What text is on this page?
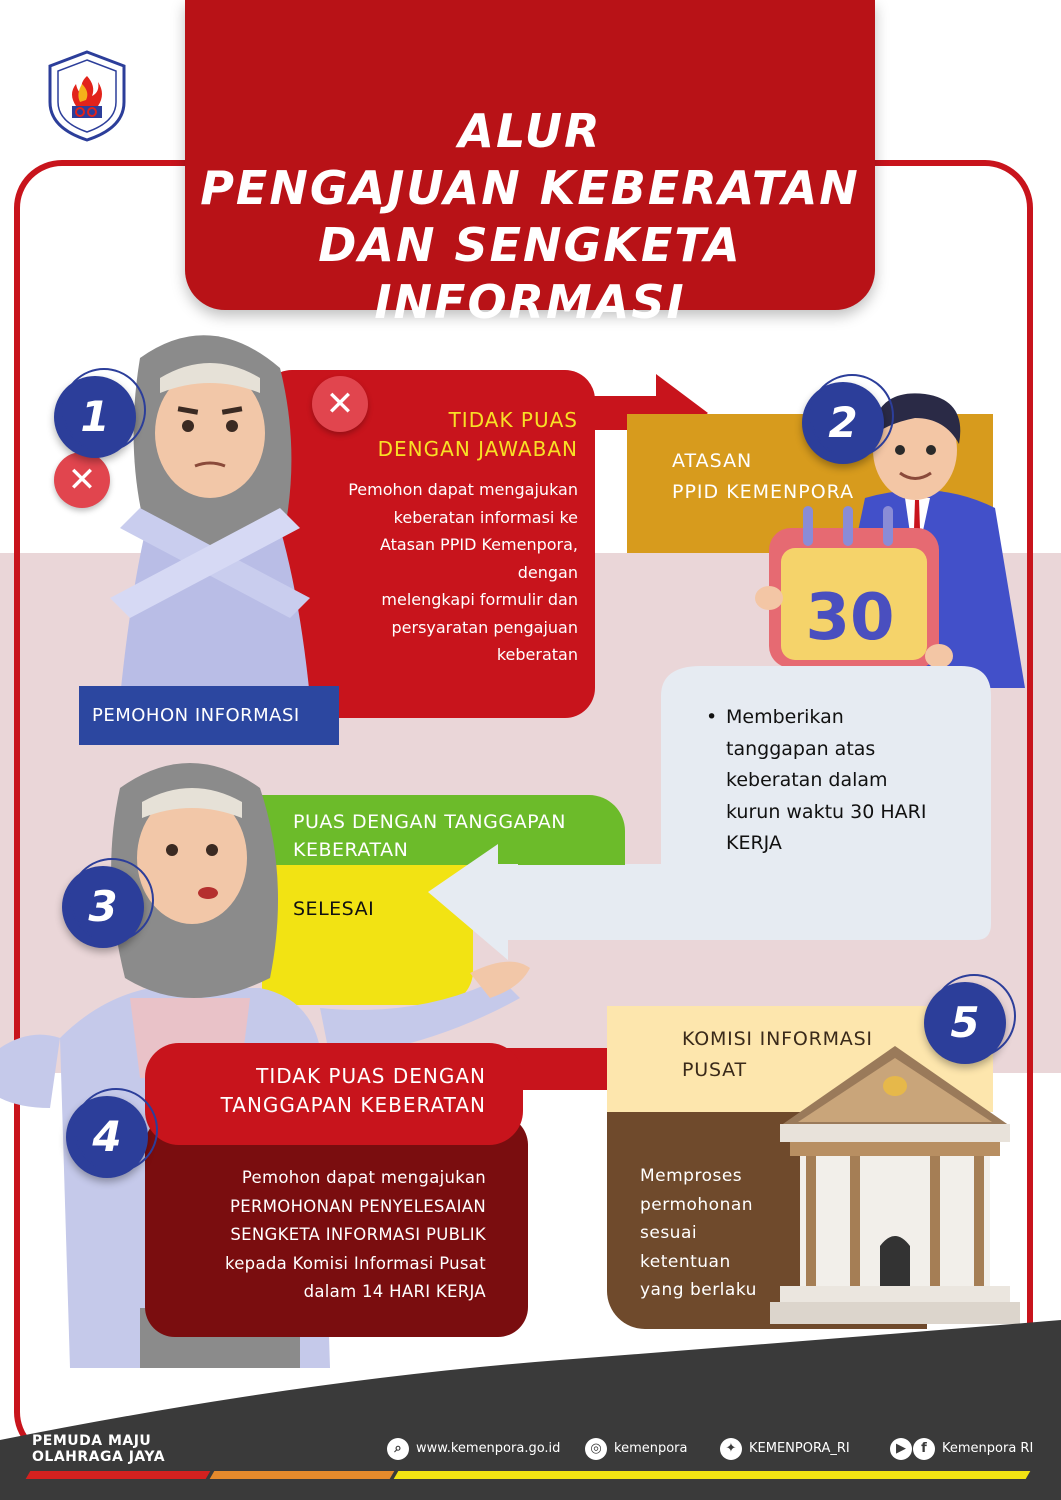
ALUR
PENGAJUAN KEBERATAN
DAN SENGKETA INFORMASI
✕
✕
1	TIDAK PUAS
DENGAN JAWABAN
Pemohon dapat mengajukan
keberatan informasi ke
Atasan PPID Kemenpora,
dengan
melengkapi formulir dan
persyaratan pengajuan
keberatan
PEMOHON INFORMASI
ATASAN
PPID KEMENPORA
30
2
• Memberikan
tanggapan atas
keberatan dalam
kurun waktu 30 HARI
KERJA
3
PUAS DENGAN TANGGAPAN
KEBERATAN
SELESAI
4
TIDAK PUAS DENGAN
TANGGAPAN KEBERATAN
Pemohon dapat mengajukan
PERMOHONAN PENYELESAIAN
SENGKETA INFORMASI PUBLIK
kepada Komisi Informasi Pusat
dalam 14 HARI KERJA
KOMISI INFORMASI
PUSAT
Memproses
permohonan
sesuai
ketentuan
yang berlaku
5
PEMUDA MAJU
OLAHRAGA JAYA
⌕	www.kemenpora.go.id	◎ kemenpora	✦ KEMENPORA_RI	▶	f	Kemenpora RI
